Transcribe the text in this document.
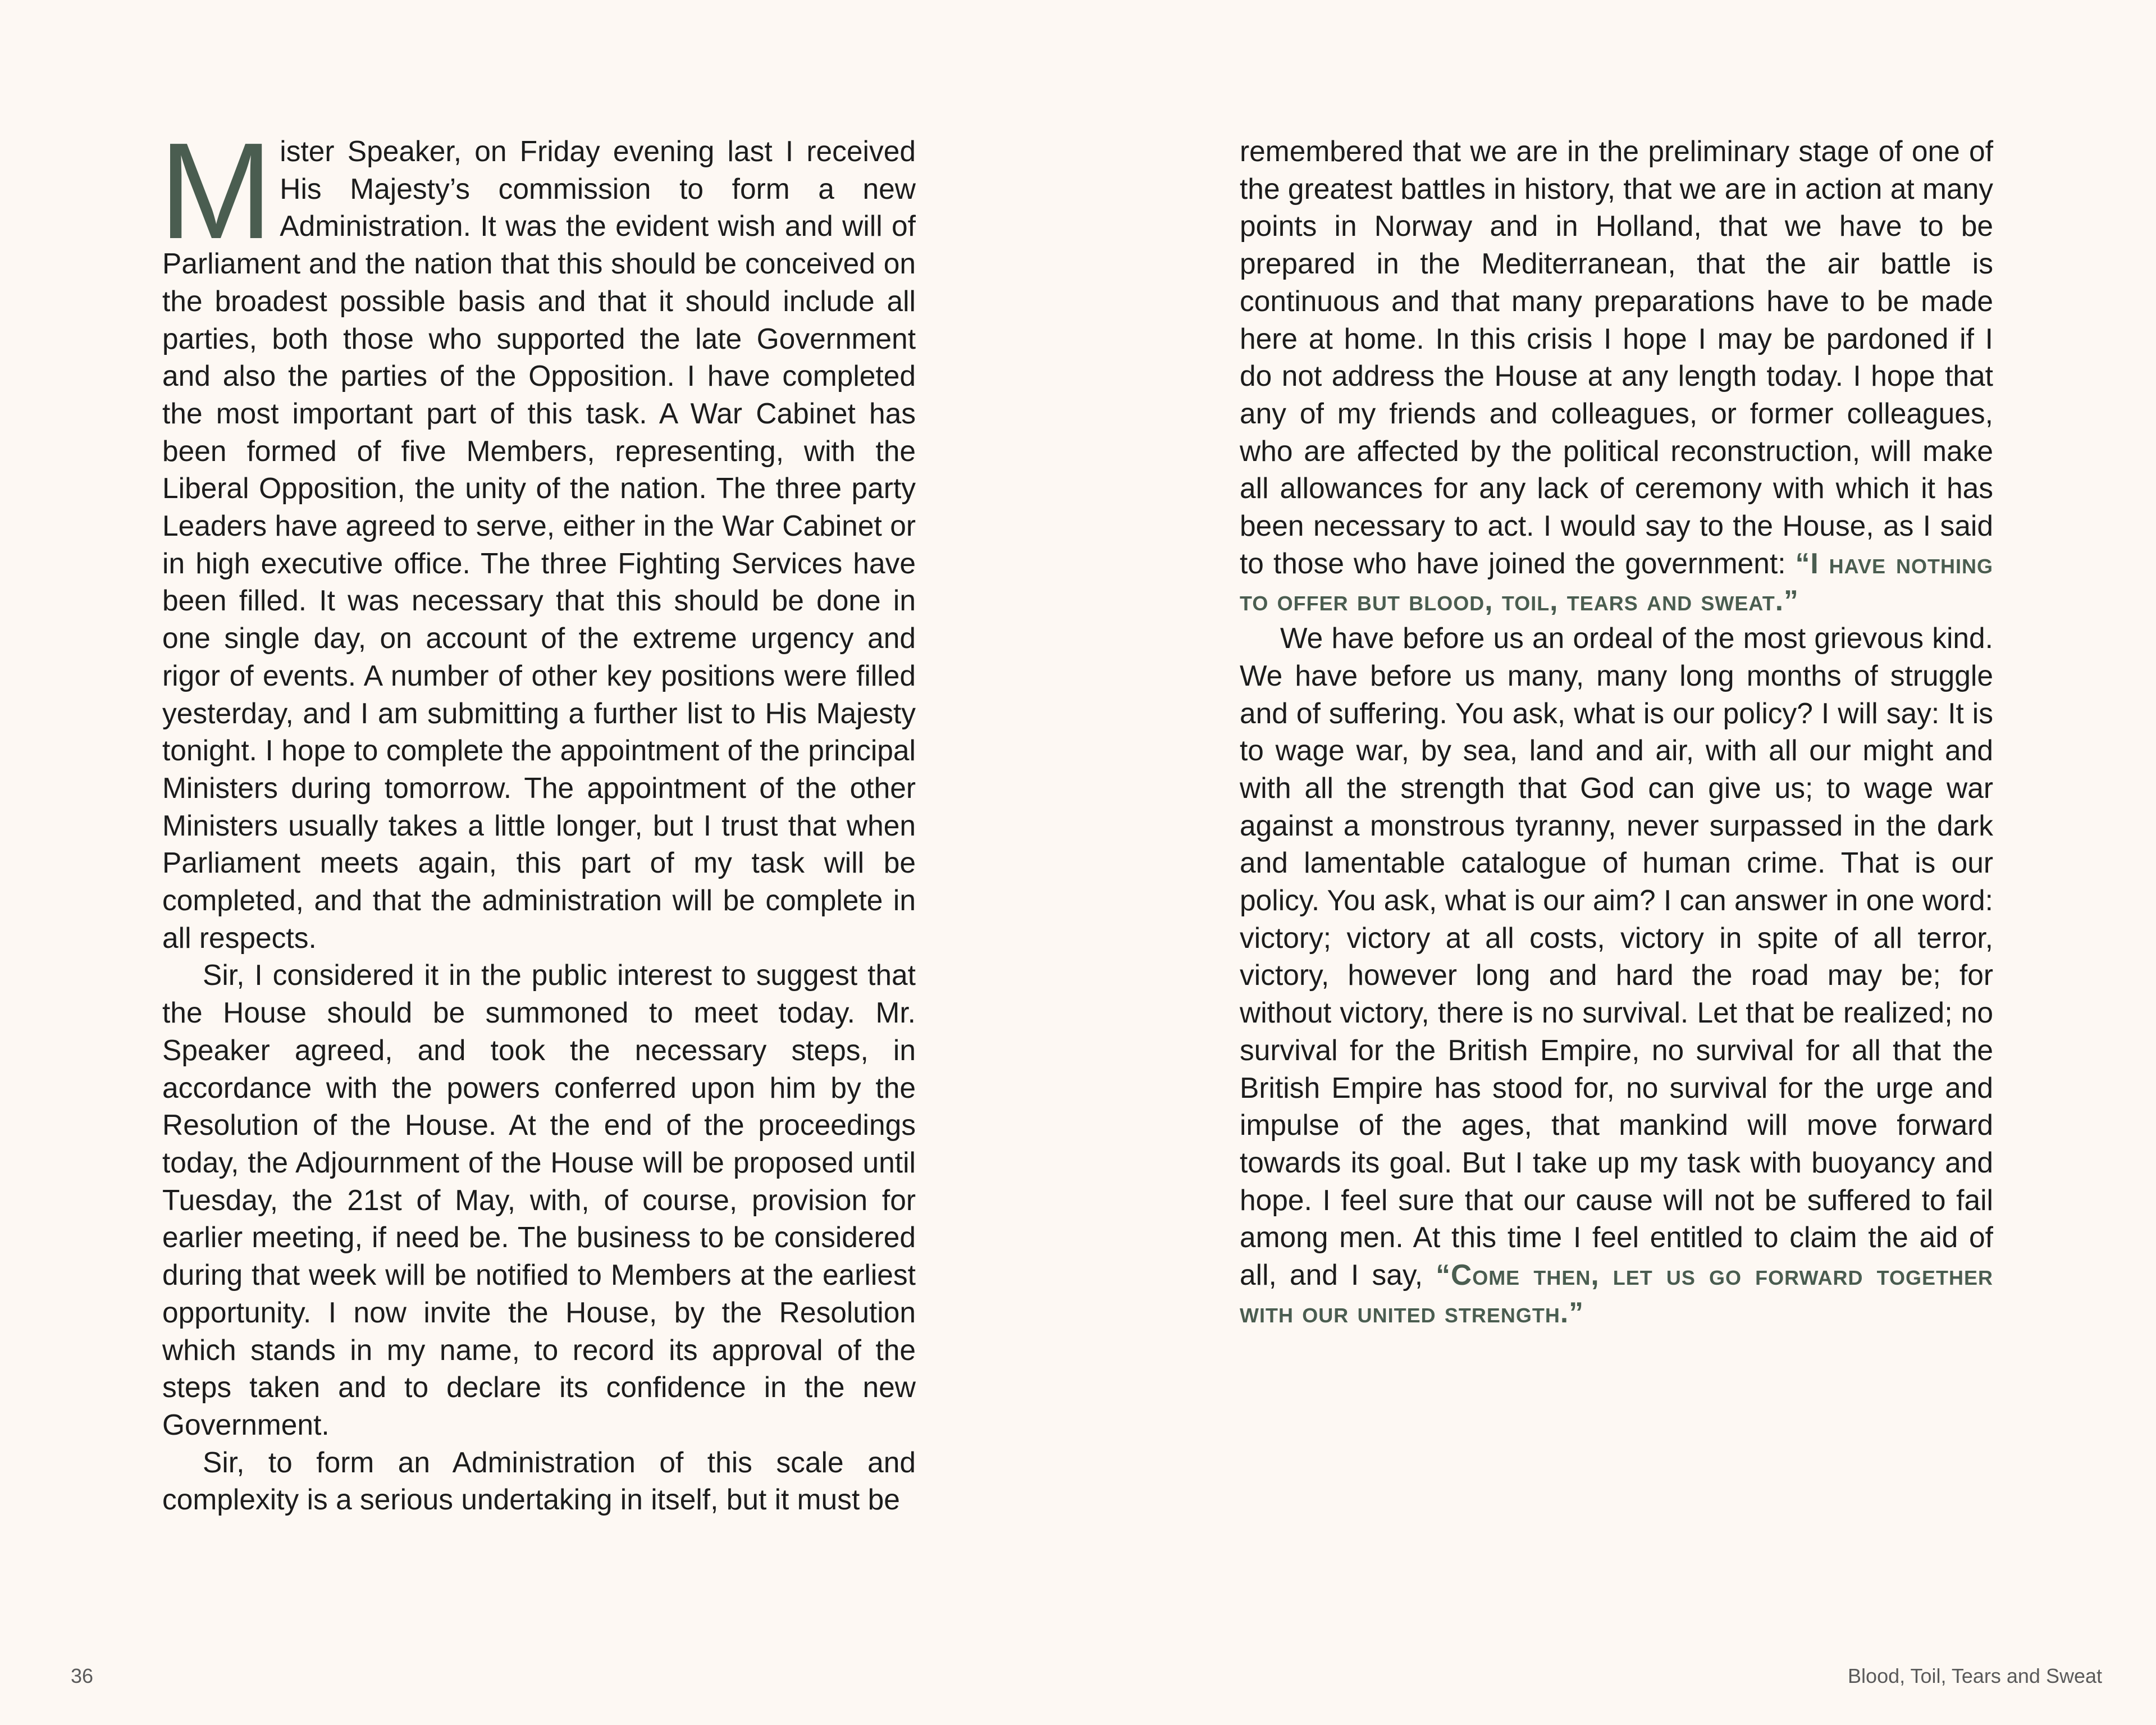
Mister Speaker, on Friday evening last I received His Majesty’s commission to form a new Administration. It was the evident wish and will of Parliament and the nation that this should be conceived on the broadest possible basis and that it should include all parties, both those who supported the late Government and also the parties of the Opposition. I have completed the most important part of this task. A War Cabinet has been formed of five Members, representing, with the Liberal Opposition, the unity of the nation. The three party Leaders have agreed to serve, either in the War Cabinet or in high executive office. The three Fighting Services have been filled. It was necessary that this should be done in one single day, on account of the extreme urgency and rigor of events. A number of other key positions were filled yesterday, and I am submitting a further list to His Majesty tonight. I hope to complete the appointment of the principal Ministers during tomorrow. The appointment of the other Ministers usually takes a little longer, but I trust that when Parliament meets again, this part of my task will be completed, and that the administration will be complete in all respects.

Sir, I considered it in the public interest to suggest that the House should be summoned to meet today. Mr. Speaker agreed, and took the necessary steps, in accordance with the powers conferred upon him by the Resolution of the House. At the end of the proceedings today, the Adjournment of the House will be proposed until Tuesday, the 21st of May, with, of course, provision for earlier meeting, if need be. The business to be considered during that week will be notified to Members at the earliest opportunity. I now invite the House, by the Resolution which stands in my name, to record its approval of the steps taken and to declare its confidence in the new Government.

Sir, to form an Administration of this scale and complexity is a serious undertaking in itself, but it must be

remembered that we are in the preliminary stage of one of the greatest battles in history, that we are in action at many points in Norway and in Holland, that we have to be prepared in the Mediterranean, that the air battle is continuous and that many preparations have to be made here at home. In this crisis I hope I may be pardoned if I do not address the House at any length today. I hope that any of my friends and colleagues, or former colleagues, who are affected by the political reconstruction, will make all allowances for any lack of ceremony with which it has been necessary to act. I would say to the House, as I said to those who have joined the government: “I have nothing to offer but blood, toil, tears and sweat.”

We have before us an ordeal of the most grievous kind. We have before us many, many long months of struggle and of suffering. You ask, what is our policy? I will say: It is to wage war, by sea, land and air, with all our might and with all the strength that God can give us; to wage war against a monstrous tyranny, never surpassed in the dark and lamentable catalogue of human crime. That is our policy. You ask, what is our aim? I can answer in one word: victory; victory at all costs, victory in spite of all terror, victory, however long and hard the road may be; for without victory, there is no survival. Let that be realized; no survival for the British Empire, no survival for all that the British Empire has stood for, no survival for the urge and impulse of the ages, that mankind will move forward towards its goal. But I take up my task with buoyancy and hope. I feel sure that our cause will not be suffered to fail among men. At this time I feel entitled to claim the aid of all, and I say, “Come then, let us go forward together with our united strength.”

36	Blood, Toil, Tears and Sweat
